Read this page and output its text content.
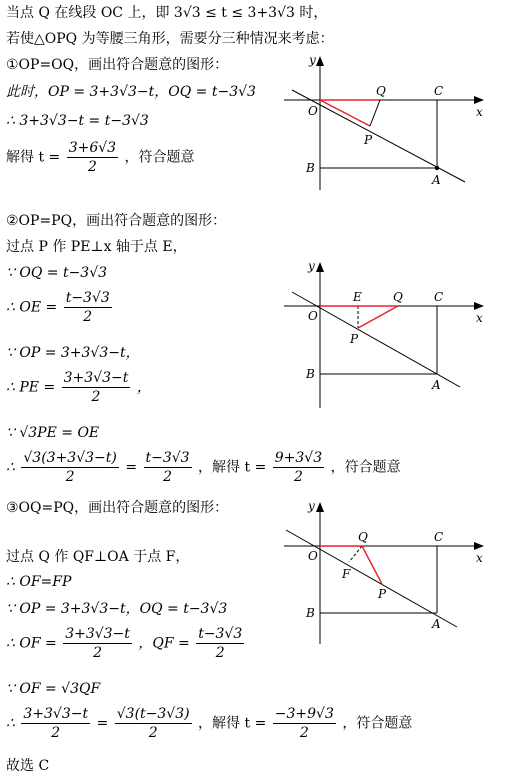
当点 Q 在线段 OC 上，即 3√3 ≤ t ≤ 3+3√3 时，
若使△OPQ 为等腰三角形，需要分三种情况来考虑：
①OP=OQ，画出符合题意的图形：
此时，OP = 3+3√3−t，OQ = t−3√3
∴ 3+3√3−t = t−3√3
解得 $t = \frac{3+6√3}{2}$ ，符合题意
②OP=PQ，画出符合题意的图形：
过点 P 作 PE⊥x 轴于点 E，
∵ OQ = t−3√3
∴ OE = $\frac{t-3√3}{2}$
∵ OP = 3+3√3−t，
∴ PE = $\frac{3+3√3-t}{2}$ ，
∵ √3PE = OE
∴ $\frac{√3(3+3√3-t)}{2} = \frac{t-3√3}{2}$ ，解得 $t = \frac{9+3√3}{2}$ ，符合题意
③OQ=PQ，画出符合题意的图形：
过点 Q 作 QF⊥OA 于点 F，
∴ OF=FP
∵ OP = 3+3√3−t，OQ = t−3√3
∴ OF = $\frac{3+3√3-t}{2}$ ，QF = $\frac{t-3√3}{2}$
∵ OF = √3QF
∴ $\frac{3+3√3-t}{2} = \frac{√3(t-3√3)}{2}$ ，解得 $t = \frac{-3+9√3}{2}$ ，符合题意
故选 C
y
x
O
Q	C
P
B
A
y
x
O
E	Q	C
P
B
A
y
x
O
Q	C
F
P
B
A
